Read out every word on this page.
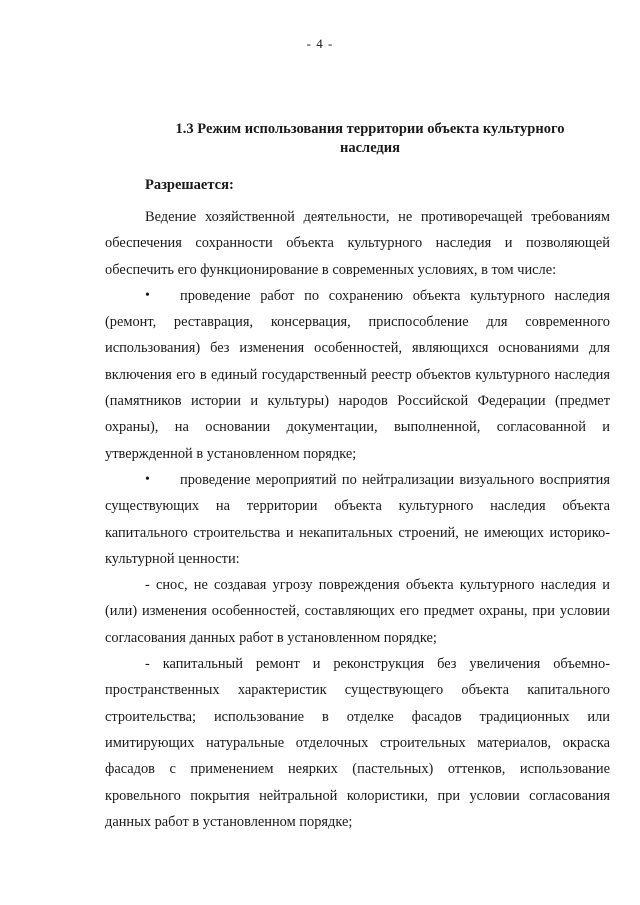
- 4 -
1.3 Режим использования территории объекта культурного наследия
Разрешается:

Ведение хозяйственной деятельности, не противоречащей требованиям обеспечения сохранности объекта культурного наследия и позволяющей обеспечить его функционирование в современных условиях, в том числе:

• проведение работ по сохранению объекта культурного наследия (ремонт, реставрация, консервация, приспособление для современного использования) без изменения особенностей, являющихся основаниями для включения его в единый государственный реестр объектов культурного наследия (памятников истории и культуры) народов Российской Федерации (предмет охраны), на основании документации, выполненной, согласованной и утвержденной в установленном порядке;

• проведение мероприятий по нейтрализации визуального восприятия существующих на территории объекта культурного наследия объекта капитального строительства и некапитальных строений, не имеющих историко-культурной ценности:

- снос, не создавая угрозу повреждения объекта культурного наследия и (или) изменения особенностей, составляющих его предмет охраны, при условии согласования данных работ в установленном порядке;

- капитальный ремонт и реконструкция без увеличения объемно-пространственных характеристик существующего объекта капитального строительства; использование в отделке фасадов традиционных или имитирующих натуральные отделочных строительных материалов, окраска фасадов с применением неярких (пастельных) оттенков, использование кровельного покрытия нейтральной колористики, при условии согласования данных работ в установленном порядке;
